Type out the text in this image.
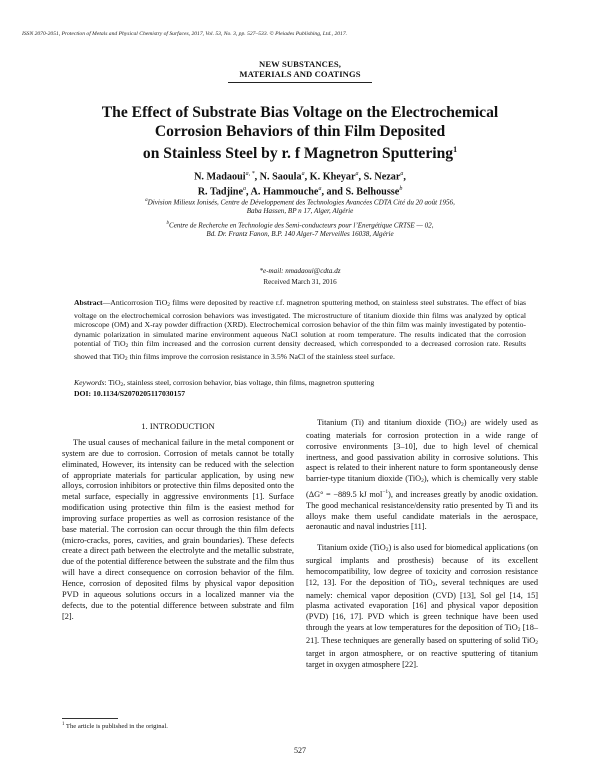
ISSN 2070-2051, Protection of Metals and Physical Chemistry of Surfaces, 2017, Vol. 53, No. 3, pp. 527–533. © Pleiades Publishing, Ltd., 2017.
NEW SUBSTANCES,
MATERIALS AND COATINGS
The Effect of Substrate Bias Voltage on the Electrochemical
Corrosion Behaviors of thin Film Deposited
on Stainless Steel by r. f Magnetron Sputtering$^1$
N. Madaoui$^{a, *}$, N. Saoula$^a$, K. Kheyar$^a$, S. Nezar$^a$,
R. Tadjine$^a$, A. Hammouche$^a$, and S. Belhousse$^b$
$^a$Division Milieux Ionisés, Centre de Développement des Technologies Avancées CDTA Cité du 20 août 1956,
Baba Hassen, BP n 17, Alger, Algérie
$^b$Centre de Recherche en Technologie des Semi-conducteurs pour l’Energétique CRTSE — 02,
Bd. Dr. Frantz Fanon, B.P. 140 Alger-7 Merveilles 16038, Algérie
*e-mail: nmadaoui@cdta.dz
Received March 31, 2016
Abstract—Anticorrosion TiO$_2$ films were deposited by reactive r.f. magnetron sputtering method, on stainless steel substrates. The effect of bias voltage on the electrochemical corrosion behaviors was investigated. The microstructure of titanium dioxide thin films was analyzed by optical microscope (OM) and X-ray powder diffraction (XRD). Electrochemical corrosion behavior of the thin film was mainly investigated by potentio-dynamic polarization in simulated marine environment aqueous NaCl solution at room temperature. The results indicated that the corrosion potential of TiO$_2$ thin film increased and the corrosion current density decreased, which corresponded to a decreased corrosion rate. Results showed that TiO$_2$ thin films improve the corrosion resistance in 3.5% NaCl of the stainless steel surface.
Keywords: TiO$_2$, stainless steel, corrosion behavior, bias voltage, thin films, magnetron sputtering
DOI: 10.1134/S2070205117030157
1. INTRODUCTION

The usual causes of mechanical failure in the metal component or system are due to corrosion. Corrosion of metals cannot be totally eliminated, However, its intensity can be reduced with the selection of appropriate materials for particular application, by using new alloys, corrosion inhibitors or protective thin films deposited onto the metal surface, especially in aggressive environments [1]. Surface modification using protective thin film is the easiest method for improving surface properties as well as corrosion resistance of the base material. The corrosion can occur through the thin film defects (micro-cracks, pores, cavities, and grain boundaries). These defects create a direct path between the electrolyte and the metallic substrate, due of the potential difference between the substrate and the film thus will have a direct consequence on corrosion behavior of the film. Hence, corrosion of deposited films by physical vapor deposition PVD in aqueous solutions occurs in a localized manner via the defects, due to the potential difference between substrate and film [2].

Titanium (Ti) and titanium dioxide (TiO$_2$) are widely used as coating materials for corrosion protection in a wide range of corrosive environments [3–10], due to high level of chemical inertness, and good passivation ability in corrosive solutions. This aspect is related to their inherent nature to form spontaneously dense barrier-type titanium dioxide (TiO$_2$), which is chemically very stable (ΔG° = −889.5 kJ mol$^{-1}$), and increases greatly by anodic oxidation. The good mechanical resistance/density ratio presented by Ti and its alloys make them useful candidate materials in the aerospace, aeronautic and naval industries [11].

Titanium oxide (TiO$_2$) is also used for biomedical applications (on surgical implants and prosthesis) because of its excellent hemocompatibility, low degree of toxicity and corrosion resistance [12, 13]. For the deposition of TiO$_2$, several techniques are used namely: chemical vapor deposition (CVD) [13], Sol gel [14, 15] plasma activated evaporation [16] and physical vapor deposition (PVD) [16, 17]. PVD which is green technique have been used through the years at low temperatures for the deposition of TiO$_2$ [18–21]. These techniques are generally based on sputtering of solid TiO$_2$ target in argon atmosphere, or on reactive sputtering of titanium target in oxygen atmosphere [22].

$^1$ The article is published in the original.
527
